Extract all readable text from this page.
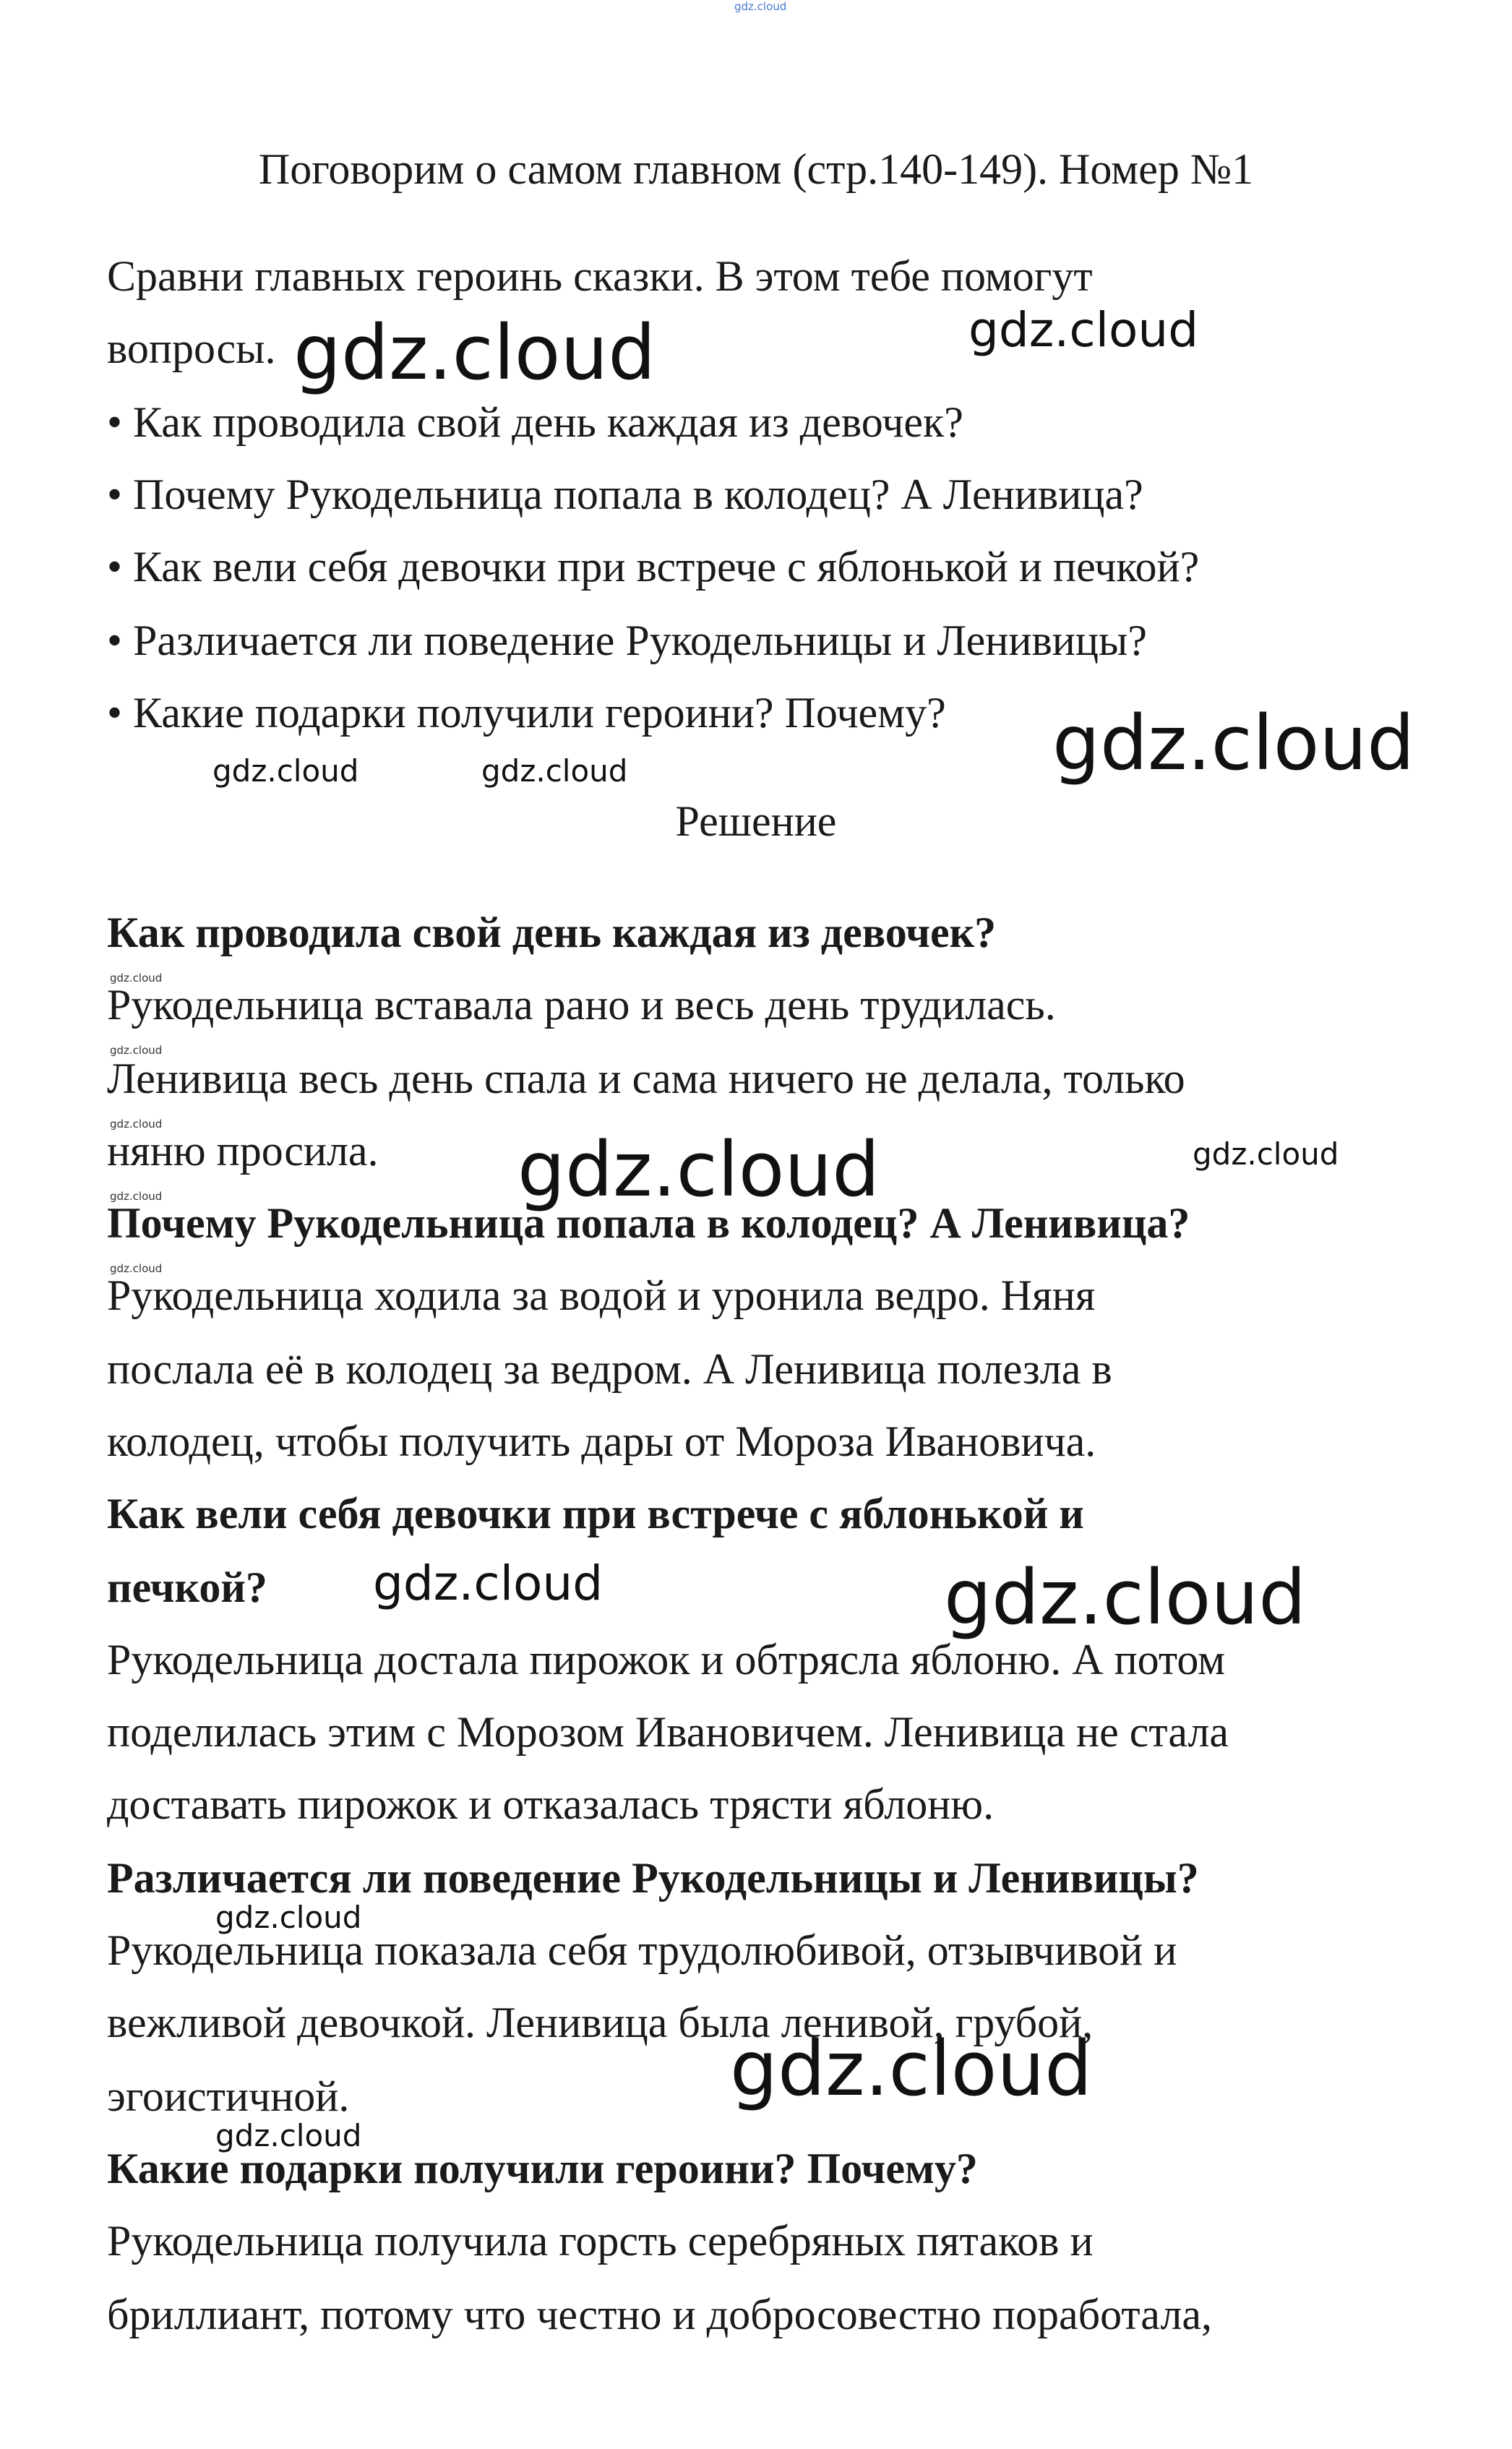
Поговорим о самом главном (стр.140-149). Номер №1

Сравни главных героинь сказки. В этом тебе помогут

вопросы.

• Как проводила свой день каждая из девочек?

• Почему Рукодельница попала в колодец? А Ленивица?

• Как вели себя девочки при встрече с яблонькой и печкой?

• Различается ли поведение Рукодельницы и Ленивицы?

• Какие подарки получили героини? Почему?

Решение

Как проводила свой день каждая из девочек?

Рукодельница вставала рано и весь день трудилась.

Ленивица весь день спала и сама ничего не делала, только

няню просила.

Почему Рукодельница попала в колодец? А Ленивица?

Рукодельница ходила за водой и уронила ведро. Няня

послала её в колодец за ведром. А Ленивица полезла в

колодец, чтобы получить дары от Мороза Ивановича.

Как вели себя девочки при встрече с яблонькой и

печкой?

Рукодельница достала пирожок и обтрясла яблоню. А потом

поделилась этим с Морозом Ивановичем. Ленивица не стала

доставать пирожок и отказалась трясти яблоню.

Различается ли поведение Рукодельницы и Ленивицы?

Рукодельница показала себя трудолюбивой, отзывчивой и

вежливой девочкой. Ленивица была ленивой, грубой,

эгоистичной.

Какие подарки получили героини? Почему?

Рукодельница получила горсть серебряных пятаков и

бриллиант, потому что честно и добросовестно поработала,

gdz.cloud
gdz.cloud	gdz.cloud
gdz.cloud
gdz.cloud	gdz.cloud
gdz.cloud
gdz.cloud
gdz.cloud
gdz.cloud
gdz.cloud
gdz.cloud	gdz.cloud
gdz.cloud	gdz.cloud
gdz.cloud
gdz.cloud
gdz.cloud
